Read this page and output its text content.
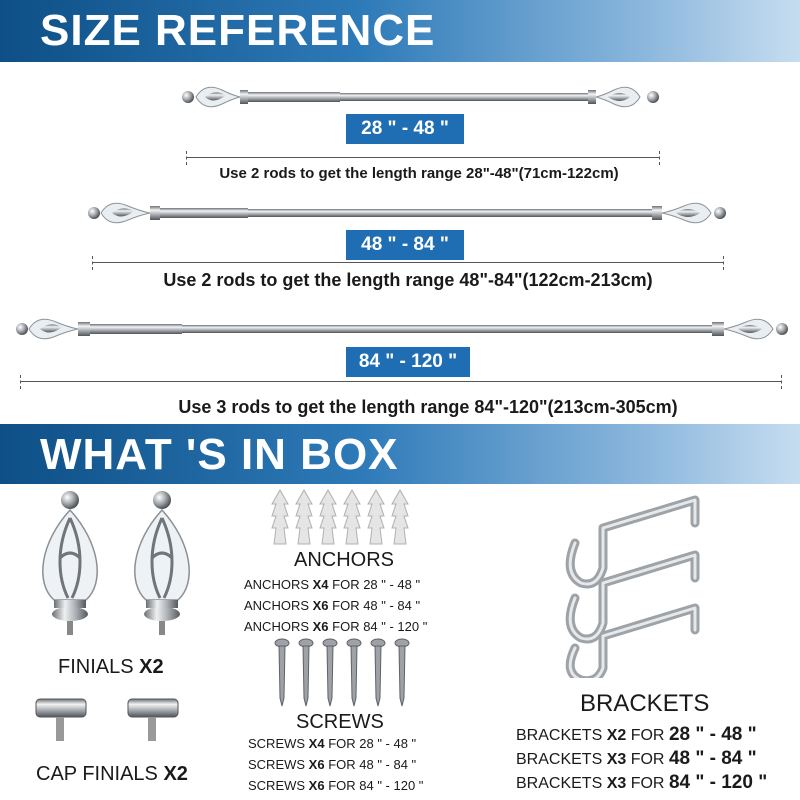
SIZE REFERENCE
28 " - 48 "
Use 2 rods to get the length range 28"-48"(71cm-122cm)
48 " - 84 "
Use 2 rods to get the length range 48"-84"(122cm-213cm)
84 " - 120 "
Use 3 rods to get the length range 84"-120"(213cm-305cm)
WHAT 'S IN BOX
FINIALS X2
CAP FINIALS X2
ANCHORS
ANCHORS X4 FOR 28 " - 48 "
ANCHORS X6 FOR 48 " - 84 "
ANCHORS X6 FOR 84 " - 120 "
SCREWS
SCREWS X4 FOR 28 " - 48 "
SCREWS X6 FOR 48 " - 84 "
SCREWS X6 FOR 84 " - 120 "
BRACKETS
BRACKETS X2 FOR 28 " - 48 "
BRACKETS X3 FOR 48 " - 84 "
BRACKETS X3 FOR 84 " - 120 "
